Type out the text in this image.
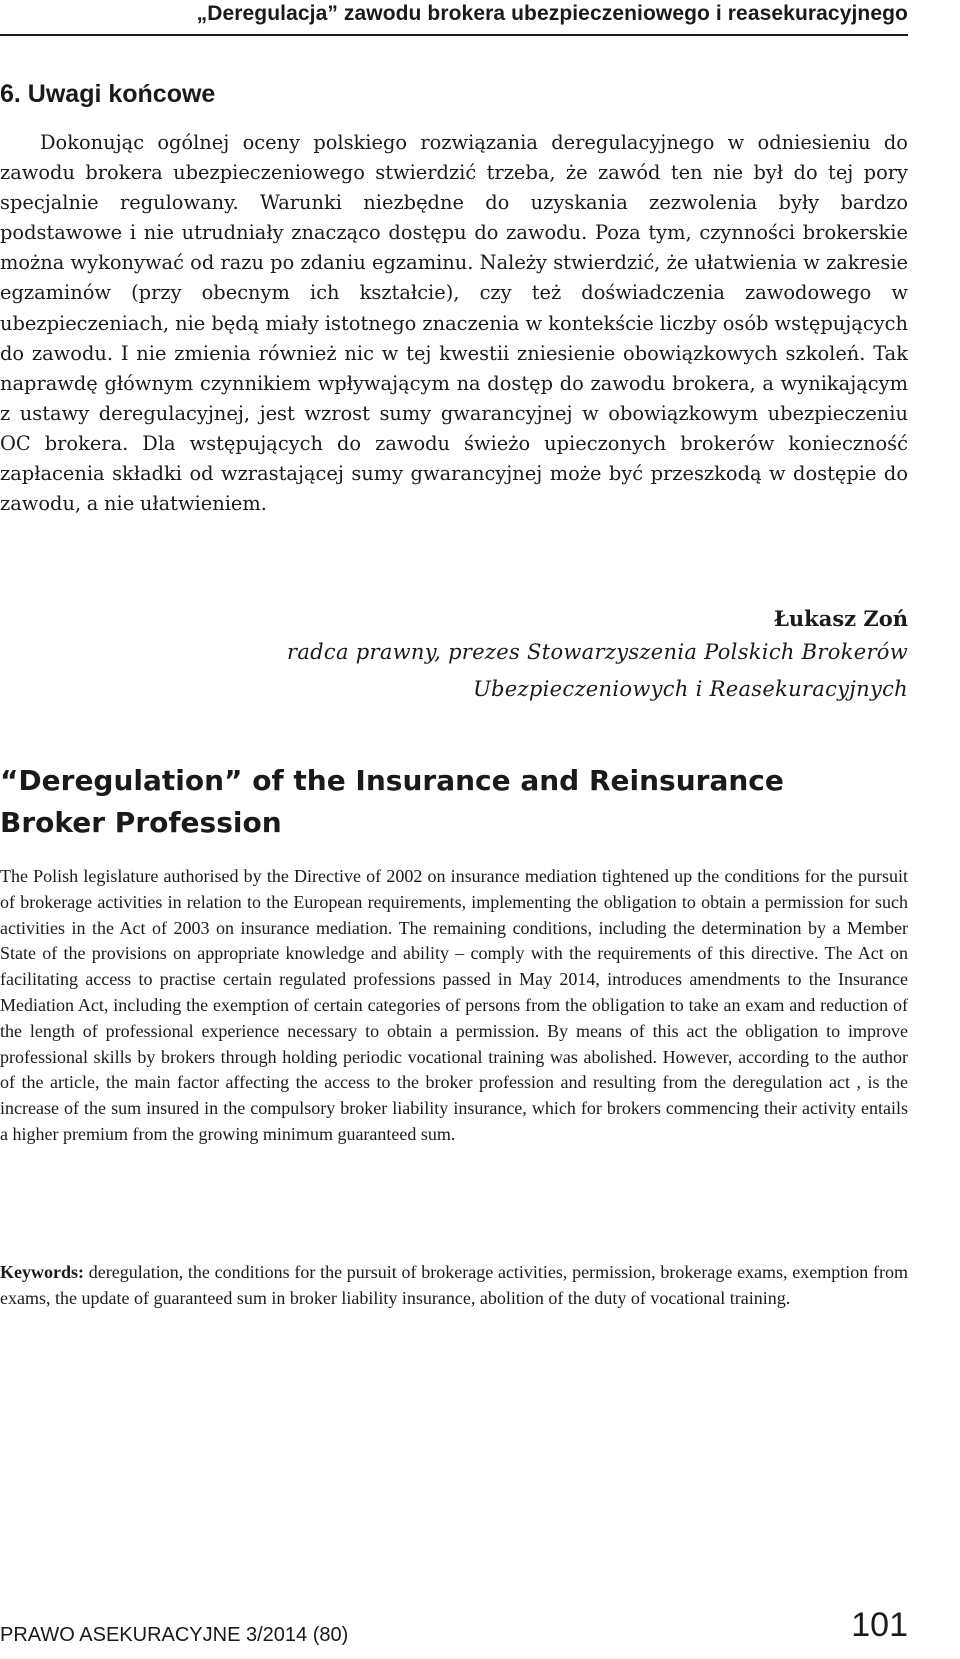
„Deregulacja” zawodu brokera ubezpieczeniowego i reasekuracyjnego
6. Uwagi końcowe

Dokonując ogólnej oceny polskiego rozwiązania deregulacyjnego w odniesieniu do zawodu brokera ubezpieczeniowego stwierdzić trzeba, że zawód ten nie był do tej pory specjalnie regulowany. Warunki niezbędne do uzyskania zezwolenia były bardzo podstawowe i nie utrudniały znacząco dostępu do zawodu. Poza tym, czynności brokerskie można wykonywać od razu po zdaniu egzaminu. Należy stwierdzić, że ułatwienia w zakresie egzaminów (przy obecnym ich kształcie), czy też doświadczenia zawodowego w ubezpieczeniach, nie będą miały istotnego znaczenia w kontekście liczby osób wstępujących do zawodu. I nie zmienia również nic w tej kwestii zniesienie obowiązkowych szkoleń. Tak naprawdę głównym czynnikiem wpływającym na dostęp do zawodu brokera, a wynikającym z ustawy deregulacyjnej, jest wzrost sumy gwarancyjnej w obowiązkowym ubezpieczeniu OC brokera. Dla wstępujących do zawodu świeżo upieczonych brokerów konieczność zapłacenia składki od wzrastającej sumy gwarancyjnej może być przeszkodą w dostępie do zawodu, a nie ułatwieniem.

Łukasz Zoń
radca prawny, prezes Stowarzyszenia Polskich Brokerów
Ubezpieczeniowych i Reasekuracyjnych
“Deregulation” of the Insurance and Reinsurance Broker Profession

The Polish legislature authorised by the Directive of 2002 on insurance mediation tightened up the conditions for the pursuit of brokerage activities in relation to the European requirements, implementing the obligation to obtain a permission for such activities in the Act of 2003 on insurance mediation. The remaining conditions, including the determination by a Member State of the provisions on appropriate knowledge and ability – comply with the requirements of this directive. The Act on facilitating access to practise certain regulated professions passed in May 2014, introduces amendments to the Insurance Mediation Act, including the exemption of certain categories of persons from the obligation to take an exam and reduction of the length of professional experience necessary to obtain a permission. By means of this act the obligation to improve professional skills by brokers through holding periodic vocational training was abolished. However, according to the author of the article, the main factor affecting the access to the broker profession and resulting from the deregulation act , is the increase of the sum insured in the compulsory broker liability insurance, which for brokers commencing their activity entails a higher premium from the growing minimum guaranteed sum.

Keywords: deregulation, the conditions for the pursuit of brokerage activities, permission, brokerage exams, exemption from exams, the update of guaranteed sum in broker liability insurance, abolition of the duty of vocational training.

PRAWO ASEKURACYJNE 3/2014 (80)	101
